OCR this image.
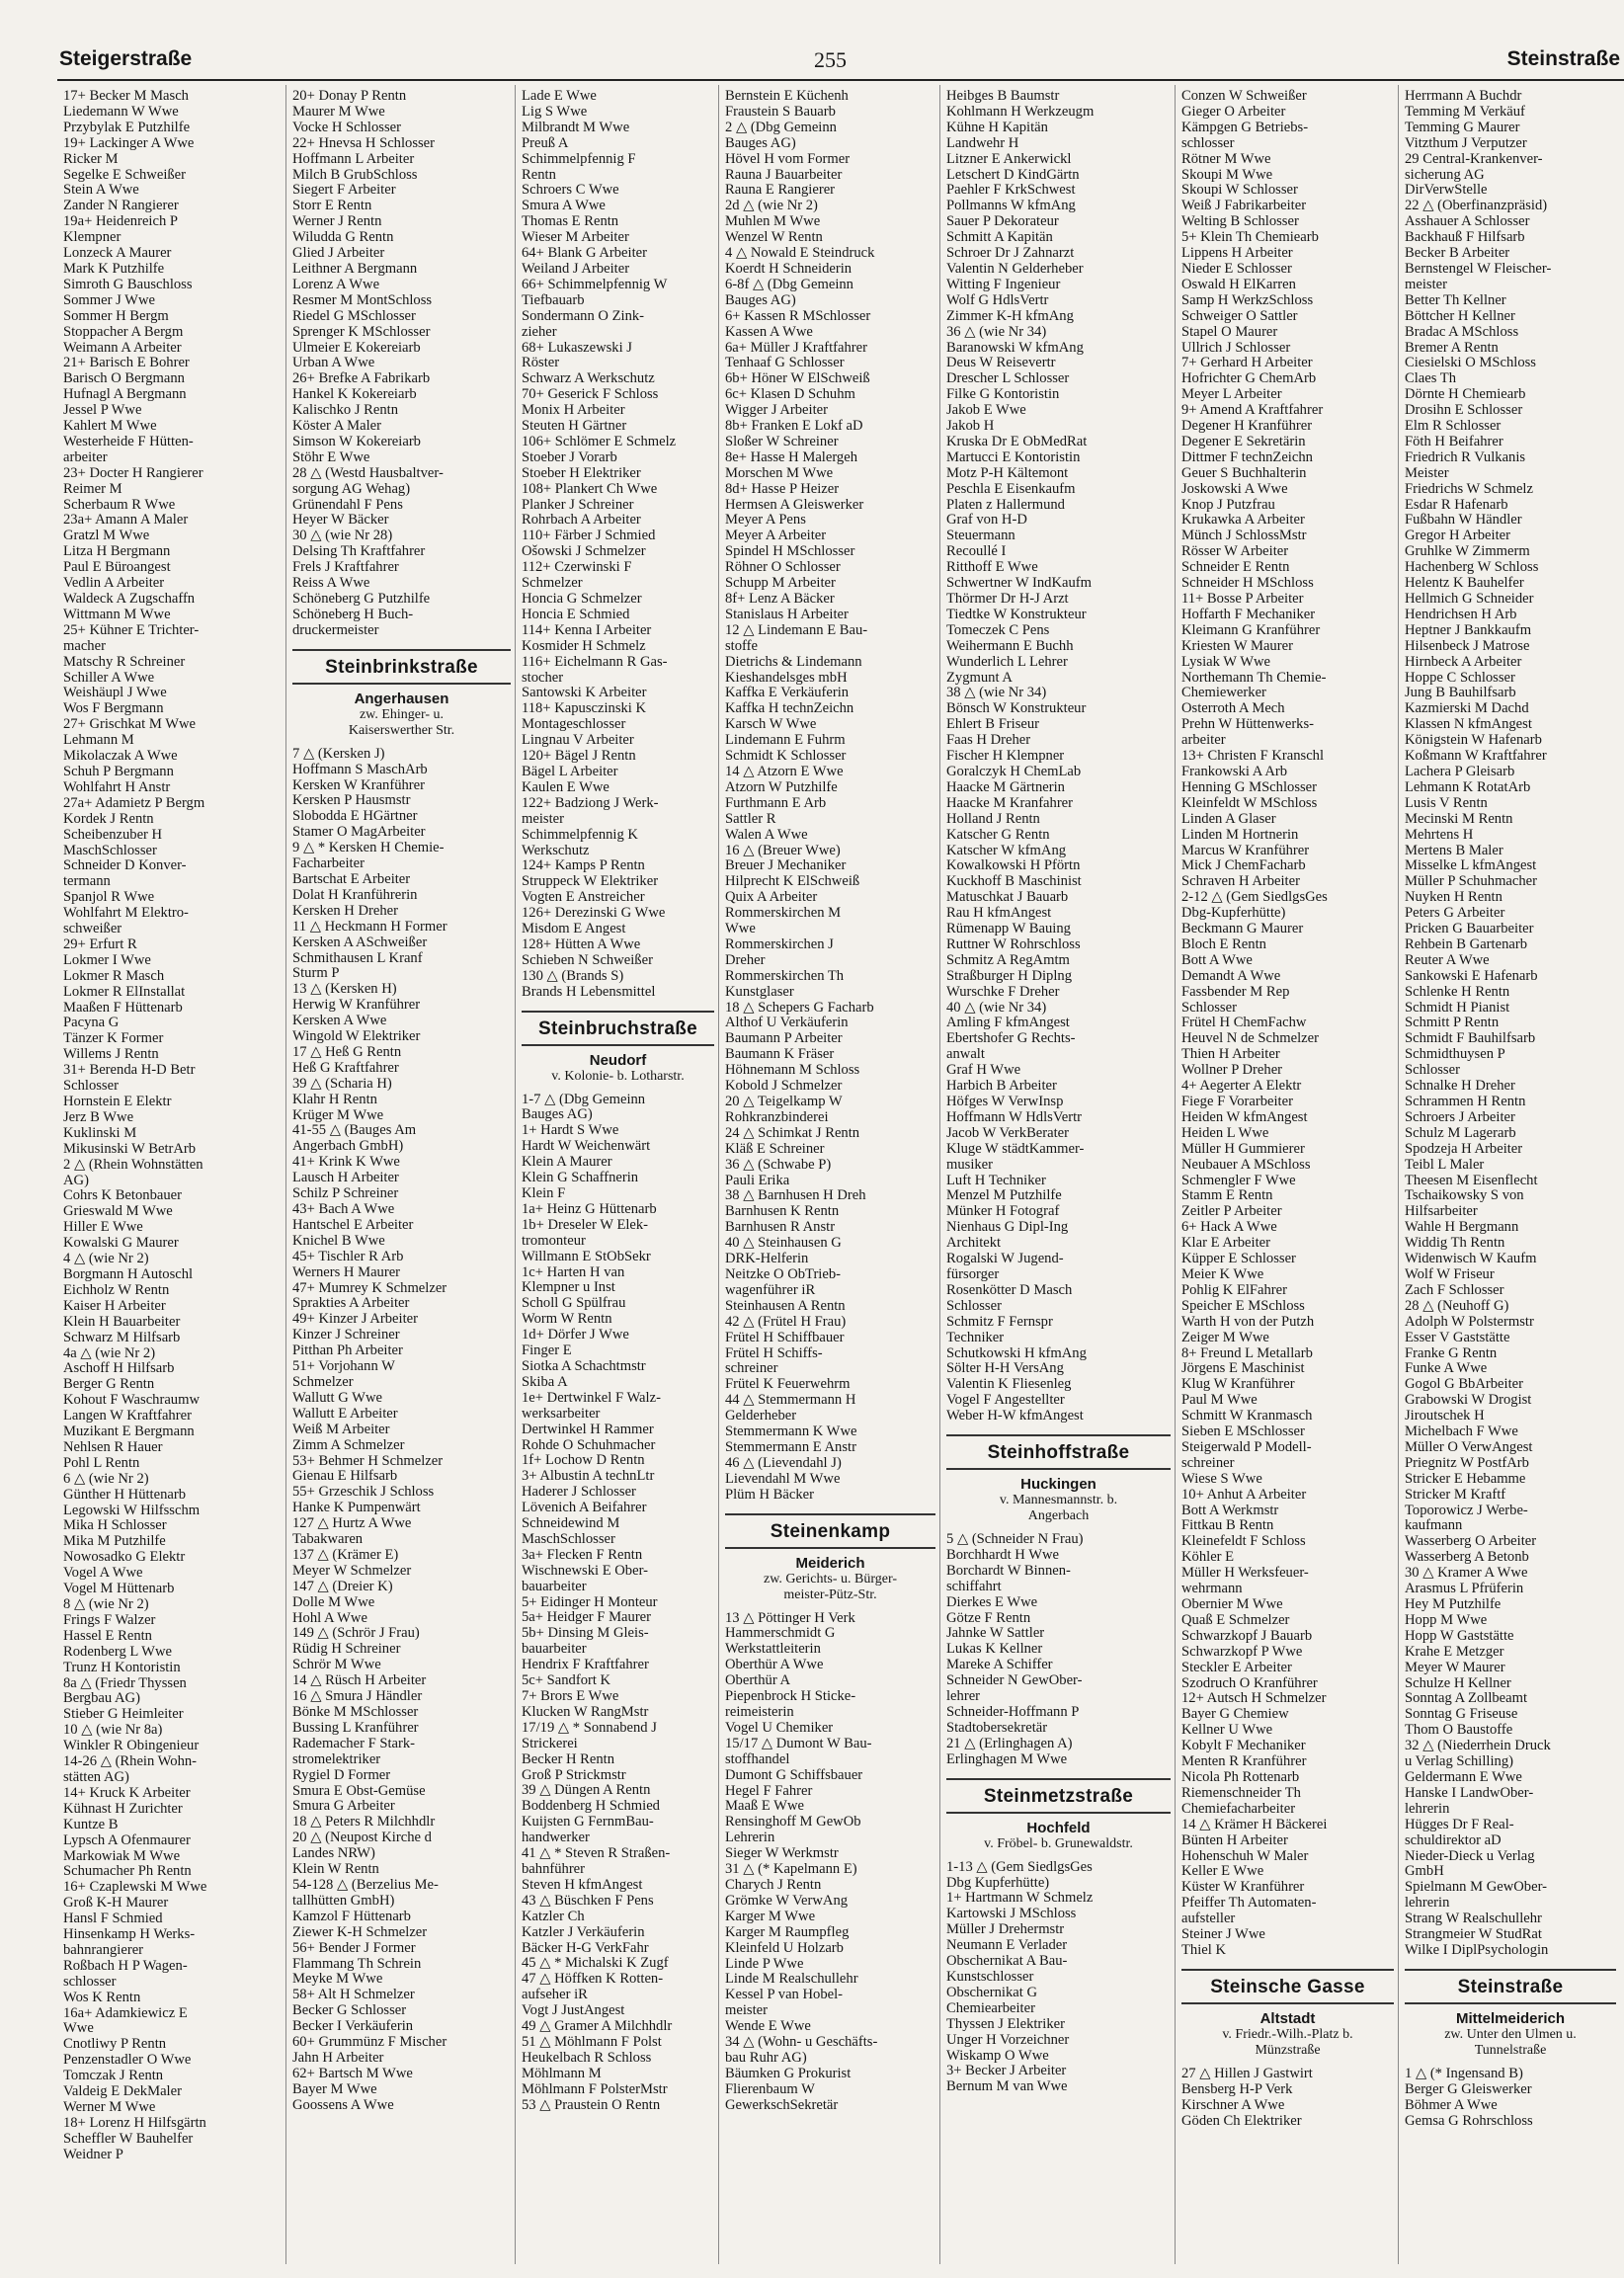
Steigerstraße	255	Steinstraße

17+ Becker M Masch

Liedemann W Wwe

Przybylak E Putzhilfe

19+ Lackinger A Wwe

Ricker M

Segelke E Schweißer

Stein A Wwe

Zander N Rangierer

19a+ Heidenreich P

Klempner

Lonzeck A Maurer

Mark K Putzhilfe

Simroth G Bauschloss

Sommer J Wwe

Sommer H Bergm

Stoppacher A Bergm

Weimann A Arbeiter

21+ Barisch E Bohrer

Barisch O Bergmann

Hufnagl A Bergmann

Jessel P Wwe

Kahlert M Wwe

Westerheide F Hütten-

arbeiter

23+ Docter H Rangierer

Reimer M

Scherbaum R Wwe

23a+ Amann A Maler

Gratzl M Wwe

Litza H Bergmann

Paul E Büroangest

Vedlin A Arbeiter

Waldeck A Zugschaffn

Wittmann M Wwe

25+ Kühner E Trichter-

macher

Matschy R Schreiner

Schiller A Wwe

Weishäupl J Wwe

Wos F Bergmann

27+ Grischkat M Wwe

Lehmann M

Mikolaczak A Wwe

Schuh P Bergmann

Wohlfahrt H Anstr

27a+ Adamietz P Bergm

Kordek J Rentn

Scheibenzuber H

MaschSchlosser

Schneider D Konver-

termann

Spanjol R Wwe

Wohlfahrt M Elektro-

schweißer

29+ Erfurt R

Lokmer I Wwe

Lokmer R Masch

Lokmer R ElInstallat

Maaßen F Hüttenarb

Pacyna G

Tänzer K Former

Willems J Rentn

31+ Berenda H-D Betr

Schlosser

Hornstein E Elektr

Jerz B Wwe

Kuklinski M

Mikusinski W BetrArb

2 △ (Rhein Wohnstätten

AG)

Cohrs K Betonbauer

Grieswald M Wwe

Hiller E Wwe

Kowalski G Maurer

4 △ (wie Nr 2)

Borgmann H Autoschl

Eichholz W Rentn

Kaiser H Arbeiter

Klein H Bauarbeiter

Schwarz M Hilfsarb

4a △ (wie Nr 2)

Aschoff H Hilfsarb

Berger G Rentn

Kohout F Waschraumw

Langen W Kraftfahrer

Muzikant E Bergmann

Nehlsen R Hauer

Pohl L Rentn

6 △ (wie Nr 2)

Günther H Hüttenarb

Legowski W Hilfsschm

Mika H Schlosser

Mika M Putzhilfe

Nowosadko G Elektr

Vogel A Wwe

Vogel M Hüttenarb

8 △ (wie Nr 2)

Frings F Walzer

Hassel E Rentn

Rodenberg L Wwe

Trunz H Kontoristin

8a △ (Friedr Thyssen

Bergbau AG)

Stieber G Heimleiter

10 △ (wie Nr 8a)

Winkler R Obingenieur

14-26 △ (Rhein Wohn-

stätten AG)

14+ Kruck K Arbeiter

Kühnast H Zurichter

Kuntze B

Lypsch A Ofenmaurer

Markowiak M Wwe

Schumacher Ph Rentn

16+ Czaplewski M Wwe

Groß K-H Maurer

Hansl F Schmied

Hinsenkamp H Werks-

bahnrangierer

Roßbach H P Wagen-

schlosser

Wos K Rentn

16a+ Adamkiewicz E

Wwe

Cnotliwy P Rentn

Penzenstadler O Wwe

Tomczak J Rentn

Valdeig E DekMaler

Werner M Wwe

18+ Lorenz H Hilfsgärtn

Scheffler W Bauhelfer

Weidner P

20+ Donay P Rentn

Maurer M Wwe

Vocke H Schlosser

22+ Hnevsa H Schlosser

Hoffmann L Arbeiter

Milch B GrubSchloss

Siegert F Arbeiter

Storr E Rentn

Werner J Rentn

Wiludda G Rentn

Glied J Arbeiter

Leithner A Bergmann

Lorenz A Wwe

Resmer M MontSchloss

Riedel G MSchlosser

Sprenger K MSchlosser

Ulmeier E Kokereiarb

Urban A Wwe

26+ Brefke A Fabrikarb

Hankel K Kokereiarb

Kalischko J Rentn

Köster A Maler

Simson W Kokereiarb

Stöhr E Wwe

28 △ (Westd Hausbaltver-

sorgung AG Wehag)

Grünendahl F Pens

Heyer W Bäcker

30 △ (wie Nr 28)

Delsing Th Kraftfahrer

Frels J Kraftfahrer

Reiss A Wwe

Schöneberg G Putzhilfe

Schöneberg H Buch-

druckermeister

Steinbrinkstraße
Angerhausen
zw. Ehinger- u.
Kaiserswerther Str.

7 △ (Kersken J)

Hoffmann S MaschArb

Kersken W Kranführer

Kersken P Hausmstr

Slobodda E HGärtner

Stamer O MagArbeiter

9 △ * Kersken H Chemie-

Facharbeiter

Bartschat E Arbeiter

Dolat H Kranführerin

Kersken H Dreher

11 △ Heckmann H Former

Kersken A ASchweißer

Schmithausen L Kranf

Sturm P

13 △ (Kersken H)

Herwig W Kranführer

Kersken A Wwe

Wingold W Elektriker

17 △ Heß G Rentn

Heß G Kraftfahrer

39 △ (Scharia H)

Klahr H Rentn

Krüger M Wwe

41-55 △ (Bauges Am

Angerbach GmbH)

41+ Krink K Wwe

Lausch H Arbeiter

Schilz P Schreiner

43+ Bach A Wwe

Hantschel E Arbeiter

Knichel B Wwe

45+ Tischler R Arb

Werners H Maurer

47+ Mumrey K Schmelzer

Sprakties A Arbeiter

49+ Kinzer J Arbeiter

Kinzer J Schreiner

Pitthan Ph Arbeiter

51+ Vorjohann W

Schmelzer

Wallutt G Wwe

Wallutt E Arbeiter

Weiß M Arbeiter

Zimm A Schmelzer

53+ Behmer H Schmelzer

Gienau E Hilfsarb

55+ Grzeschik J Schloss

Hanke K Pumpenwärt

127 △ Hurtz A Wwe

Tabakwaren

137 △ (Krämer E)

Meyer W Schmelzer

147 △ (Dreier K)

Dolle M Wwe

Hohl A Wwe

149 △ (Schrör J Frau)

Rüdig H Schreiner

Schrör M Wwe

14 △ Rüsch H Arbeiter

16 △ Smura J Händler

Bönke M MSchlosser

Bussing L Kranführer

Rademacher F Stark-

stromelektriker

Rygiel D Former

Smura E Obst-Gemüse

Smura G Arbeiter

18 △ Peters R Milchhdlr

20 △ (Neupost Kirche d

Landes NRW)

Klein W Rentn

54-128 △ (Berzelius Me-

tallhütten GmbH)

Kamzol F Hüttenarb

Ziewer K-H Schmelzer

56+ Bender J Former

Flammang Th Schrein

Meyke M Wwe

58+ Alt H Schmelzer

Becker G Schlosser

Becker I Verkäuferin

60+ Grummünz F Mischer

Jahn H Arbeiter

62+ Bartsch M Wwe

Bayer M Wwe

Goossens A Wwe

Lade E Wwe

Lig S Wwe

Milbrandt M Wwe

Preuß A

Schimmelpfennig F

Rentn

Schroers C Wwe

Smura A Wwe

Thomas E Rentn

Wieser M Arbeiter

64+ Blank G Arbeiter

Weiland J Arbeiter

66+ Schimmelpfennig W

Tiefbauarb

Sondermann O Zink-

zieher

68+ Lukaszewski J

Röster

Schwarz A Werkschutz

70+ Geserick F Schloss

Monix H Arbeiter

Steuten H Gärtner

106+ Schlömer E Schmelz

Stoeber J Vorarb

Stoeber H Elektriker

108+ Plankert Ch Wwe

Planker J Schreiner

Rohrbach A Arbeiter

110+ Färber J Schmied

Ošowski J Schmelzer

112+ Czerwinski F

Schmelzer

Honcia G Schmelzer

Honcia E Schmied

114+ Kenna I Arbeiter

Kosmider H Schmelz

116+ Eichelmann R Gas-

stocher

Santowski K Arbeiter

118+ Kapusczinski K

Montageschlosser

Lingnau V Arbeiter

120+ Bägel J Rentn

Bägel L Arbeiter

Kaulen E Wwe

122+ Badziong J Werk-

meister

Schimmelpfennig K

Werkschutz

124+ Kamps P Rentn

Struppeck W Elektriker

Vogten E Anstreicher

126+ Derezinski G Wwe

Misdom E Angest

128+ Hütten A Wwe

Schieben N Schweißer

130 △ (Brands S)

Brands H Lebensmittel

Steinbruchstraße
Neudorf
v. Kolonie- b. Lotharstr.

1-7 △ (Dbg Gemeinn

Bauges AG)

1+ Hardt S Wwe

Hardt W Weichenwärt

Klein A Maurer

Klein G Schaffnerin

Klein F

1a+ Heinz G Hüttenarb

1b+ Dreseler W Elek-

tromonteur

Willmann E StObSekr

1c+ Harten H van

Klempner u Inst

Scholl G Spülfrau

Worm W Rentn

1d+ Dörfer J Wwe

Finger E

Siotka A Schachtmstr

Skiba A

1e+ Dertwinkel F Walz-

werksarbeiter

Dertwinkel H Rammer

Rohde O Schuhmacher

1f+ Lochow D Rentn

3+ Albustin A technLtr

Haderer J Schlosser

Lövenich A Beifahrer

Schneidewind M

MaschSchlosser

3a+ Flecken F Rentn

Wischnewski E Ober-

bauarbeiter

5+ Eidinger H Monteur

5a+ Heidger F Maurer

5b+ Dinsing M Gleis-

bauarbeiter

Hendrix F Kraftfahrer

5c+ Sandfort K

7+ Brors E Wwe

Klucken W RangMstr

17/19 △ * Sonnabend J

Strickerei

Becker H Rentn

Groß P Strickmstr

39 △ Düngen A Rentn

Boddenberg H Schmied

Kuijsten G FernmBau-

handwerker

41 △ * Steven R Straßen-

bahnführer

Steven H kfmAngest

43 △ Büschken F Pens

Katzler Ch

Katzler J Verkäuferin

Bäcker H-G VerkFahr

45 △ * Michalski K Zugf

47 △ Höffken K Rotten-

aufseher iR

Vogt J JustAngest

49 △ Gramer A Milchhdlr

51 △ Möhlmann F Polst

Heukelbach R Schloss

Möhlmann M

Möhlmann F PolsterMstr

53 △ Praustein O Rentn

Bernstein E Küchenh

Fraustein S Bauarb

2 △ (Dbg Gemeinn

Bauges AG)

Hövel H vom Former

Rauna J Bauarbeiter

Rauna E Rangierer

2d △ (wie Nr 2)

Muhlen M Wwe

Wenzel W Rentn

4 △ Nowald E Steindruck

Koerdt H Schneiderin

6-8f △ (Dbg Gemeinn

Bauges AG)

6+ Kassen R MSchlosser

Kassen A Wwe

6a+ Müller J Kraftfahrer

Tenhaaf G Schlosser

6b+ Höner W ElSchweiß

6c+ Klasen D Schuhm

Wigger J Arbeiter

8b+ Franken E Lokf aD

Sloßer W Schreiner

8e+ Hasse H Malergeh

Morschen M Wwe

8d+ Hasse P Heizer

Hermsen A Gleiswerker

Meyer A Pens

Meyer A Arbeiter

Spindel H MSchlosser

Röhner O Schlosser

Schupp M Arbeiter

8f+ Lenz A Bäcker

Stanislaus H Arbeiter

12 △ Lindemann E Bau-

stoffe

Dietrichs & Lindemann

Kieshandelsges mbH

Kaffka E Verkäuferin

Kaffka H technZeichn

Karsch W Wwe

Lindemann E Fuhrm

Schmidt K Schlosser

14 △ Atzorn E Wwe

Atzorn W Putzhilfe

Furthmann E Arb

Sattler R

Walen A Wwe

16 △ (Breuer Wwe)

Breuer J Mechaniker

Hilprecht K ElSchweiß

Quix A Arbeiter

Rommerskirchen M

Wwe

Rommerskirchen J

Dreher

Rommerskirchen Th

Kunstglaser

18 △ Schepers G Facharb

Althof U Verkäuferin

Baumann P Arbeiter

Baumann K Fräser

Höhnemann M Schloss

Kobold J Schmelzer

20 △ Teigelkamp W

Rohkranzbinderei

24 △ Schimkat J Rentn

Kläß E Schreiner

36 △ (Schwabe P)

Pauli Erika

38 △ Barnhusen H Dreh

Barnhusen K Rentn

Barnhusen R Anstr

40 △ Steinhausen G

DRK-Helferin

Neitzke O ObTrieb-

wagenführer iR

Steinhausen A Rentn

42 △ (Frütel H Frau)

Frütel H Schiffbauer

Frütel H Schiffs-

schreiner

Frütel K Feuerwehrm

44 △ Stemmermann H

Gelderheber

Stemmermann K Wwe

Stemmermann E Anstr

46 △ (Lievendahl J)

Lievendahl M Wwe

Plüm H Bäcker

Steinenkamp
Meiderich
zw. Gerichts- u. Bürger-
meister-Pütz-Str.

13 △ Pöttinger H Verk

Hammerschmidt G

Werkstattleiterin

Oberthür A Wwe

Oberthür A

Piepenbrock H Sticke-

reimeisterin

Vogel U Chemiker

15/17 △ Dumont W Bau-

stoffhandel

Dumont G Schiffsbauer

Hegel F Fahrer

Maaß E Wwe

Rensinghoff M GewOb

Lehrerin

Sieger W Werkmstr

31 △ (* Kapelmann E)

Charych J Rentn

Grömke W VerwAng

Karger M Wwe

Karger M Raumpfleg

Kleinfeld U Holzarb

Linde P Wwe

Linde M Realschullehr

Kessel P van Hobel-

meister

Wende E Wwe

34 △ (Wohn- u Geschäfts-

bau Ruhr AG)

Bäumken G Prokurist

Flierenbaum W

GewerkschSekretär

Heibges B Baumstr

Kohlmann H Werkzeugm

Kühne H Kapitän

Landwehr H

Litzner E Ankerwickl

Letschert D KindGärtn

Paehler F KrkSchwest

Pollmanns W kfmAng

Sauer P Dekorateur

Schmitt A Kapitän

Schroer Dr J Zahnarzt

Valentin N Gelderheber

Witting F Ingenieur

Wolf G HdlsVertr

Zimmer K-H kfmAng

36 △ (wie Nr 34)

Baranowski W kfmAng

Deus W Reisevertr

Drescher L Schlosser

Filke G Kontoristin

Jakob E Wwe

Jakob H

Kruska Dr E ObMedRat

Martucci E Kontoristin

Motz P-H Kältemont

Peschla E Eisenkaufm

Platen z Hallermund

Graf von H-D

Steuermann

Recoullé I

Ritthoff E Wwe

Schwertner W IndKaufm

Thörmer Dr H-J Arzt

Tiedtke W Konstrukteur

Tomeczek C Pens

Weihermann E Buchh

Wunderlich L Lehrer

Zygmunt A

38 △ (wie Nr 34)

Bönsch W Konstrukteur

Ehlert B Friseur

Faas H Dreher

Fischer H Klempner

Goralczyk H ChemLab

Haacke M Gärtnerin

Haacke M Kranfahrer

Holland J Rentn

Katscher G Rentn

Katscher W kfmAng

Kowalkowski H Pförtn

Kuckhoff B Maschinist

Matuschkat J Bauarb

Rau H kfmAngest

Rümenapp W Bauing

Ruttner W Rohrschloss

Schmitz A RegAmtm

Straßburger H Diplng

Wurschke F Dreher

40 △ (wie Nr 34)

Amling F kfmAngest

Ebertshofer G Rechts-

anwalt

Graf H Wwe

Harbich B Arbeiter

Höfges W VerwInsp

Hoffmann W HdlsVertr

Jacob W VerkBerater

Kluge W städtKammer-

musiker

Luft H Techniker

Menzel M Putzhilfe

Münker H Fotograf

Nienhaus G Dipl-Ing

Architekt

Rogalski W Jugend-

fürsorger

Rosenkötter D Masch

Schlosser

Schmitz F Fernspr

Techniker

Schutkowski H kfmAng

Sölter H-H VersAng

Valentin K Fliesenleg

Vogel F Angestellter

Weber H-W kfmAngest

Steinhoffstraße
Huckingen
v. Mannesmannstr. b.
Angerbach

5 △ (Schneider N Frau)

Borchhardt H Wwe

Borchardt W Binnen-

schiffahrt

Dierkes E Wwe

Götze F Rentn

Jahnke W Sattler

Lukas K Kellner

Mareke A Schiffer

Schneider N GewOber-

lehrer

Schneider-Hoffmann P

Stadtobersekretär

21 △ (Erlinghagen A)

Erlinghagen M Wwe

Steinmetzstraße
Hochfeld
v. Fröbel- b. Grunewaldstr.

1-13 △ (Gem SiedlgsGes

Dbg Kupferhütte)

1+ Hartmann W Schmelz

Kartowski J MSchloss

Müller J Drehermstr

Neumann E Verlader

Obschernikat A Bau-

Kunstschlosser

Obschernikat G

Chemiearbeiter

Thyssen J Elektriker

Unger H Vorzeichner

Wiskamp O Wwe

3+ Becker J Arbeiter

Bernum M van Wwe

Conzen W Schweißer

Gieger O Arbeiter

Kämpgen G Betriebs-

schlosser

Rötner M Wwe

Skoupi M Wwe

Skoupi W Schlosser

Weiß J Fabrikarbeiter

Welting B Schlosser

5+ Klein Th Chemiearb

Lippens H Arbeiter

Nieder E Schlosser

Oswald H ElKarren

Samp H WerkzSchloss

Schweiger O Sattler

Stapel O Maurer

Ullrich J Schlosser

7+ Gerhard H Arbeiter

Hofrichter G ChemArb

Meyer L Arbeiter

9+ Amend A Kraftfahrer

Degener H Kranführer

Degener E Sekretärin

Dittmer F technZeichn

Geuer S Buchhalterin

Joskowski A Wwe

Knop J Putzfrau

Krukawka A Arbeiter

Münch J SchlossMstr

Rösser W Arbeiter

Schneider E Rentn

Schneider H MSchloss

11+ Bosse P Arbeiter

Hoffarth F Mechaniker

Kleimann G Kranführer

Kriesten W Maurer

Lysiak W Wwe

Northemann Th Chemie-

Chemiewerker

Osterroth A Mech

Prehn W Hüttenwerks-

arbeiter

13+ Christen F Kranschl

Frankowski A Arb

Henning G MSchlosser

Kleinfeldt W MSchloss

Linden A Glaser

Linden M Hortnerin

Marcus W Kranführer

Mick J ChemFacharb

Schraven H Arbeiter

2-12 △ (Gem SiedlgsGes

Dbg-Kupferhütte)

Beckmann G Maurer

Bloch E Rentn

Bott A Wwe

Demandt A Wwe

Fassbender M Rep

Schlosser

Frütel H ChemFachw

Heuvel N de Schmelzer

Thien H Arbeiter

Wollner P Dreher

4+ Aegerter A Elektr

Fiege F Vorarbeiter

Heiden W kfmAngest

Heiden L Wwe

Müller H Gummierer

Neubauer A MSchloss

Schmengler F Wwe

Stamm E Rentn

Zeitler P Arbeiter

6+ Hack A Wwe

Klar E Arbeiter

Küpper E Schlosser

Meier K Wwe

Pohlig K ElFahrer

Speicher E MSchloss

Warth H von der Putzh

Zeiger M Wwe

8+ Freund L Metallarb

Jörgens E Maschinist

Klug W Kranführer

Paul M Wwe

Schmitt W Kranmasch

Sieben E MSchlosser

Steigerwald P Modell-

schreiner

Wiese S Wwe

10+ Anhut A Arbeiter

Bott A Werkmstr

Fittkau B Rentn

Kleinefeldt F Schloss

Köhler E

Müller H Werksfeuer-

wehrmann

Obernier M Wwe

Quaß E Schmelzer

Schwarzkopf J Bauarb

Schwarzkopf P Wwe

Steckler E Arbeiter

Szodruch O Kranführer

12+ Autsch H Schmelzer

Bayer G Chemiew

Kellner U Wwe

Kobylt F Mechaniker

Menten R Kranführer

Nicola Ph Rottenarb

Riemenschneider Th

Chemiefacharbeiter

14 △ Krämer H Bäckerei

Bünten H Arbeiter

Hohenschuh W Maler

Keller E Wwe

Küster W Kranführer

Pfeiffer Th Automaten-

aufsteller

Steiner J Wwe

Thiel K

Steinsche Gasse
Altstadt
v. Friedr.-Wilh.-Platz b.
Münzstraße

27 △ Hillen J Gastwirt

Bensberg H-P Verk

Kirschner A Wwe

Göden Ch Elektriker

Herrmann A Buchdr

Temming M Verkäuf

Temming G Maurer

Vitzthum J Verputzer

29 Central-Krankenver-

sicherung AG

DirVerwStelle

22 △ (Oberfinanzpräsid)

Asshauer A Schlosser

Backhauß F Hilfsarb

Becker B Arbeiter

Bernstengel W Fleischer-

meister

Better Th Kellner

Böttcher H Kellner

Bradac A MSchloss

Bremer A Rentn

Ciesielski O MSchloss

Claes Th

Dörnte H Chemiearb

Drosihn E Schlosser

Elm R Schlosser

Föth H Beifahrer

Friedrich R Vulkanis

Meister

Friedrichs W Schmelz

Esdar R Hafenarb

Fußbahn W Händler

Gregor H Arbeiter

Gruhlke W Zimmerm

Hachenberg W Schloss

Helentz K Bauhelfer

Hellmich G Schneider

Hendrichsen H Arb

Heptner J Bankkaufm

Hilsenbeck J Matrose

Hirnbeck A Arbeiter

Hoppe C Schlosser

Jung B Bauhilfsarb

Kazmierski M Dachd

Klassen N kfmAngest

Königstein W Hafenarb

Koßmann W Kraftfahrer

Lachera P Gleisarb

Lehmann K RotatArb

Lusis V Rentn

Mecinski M Rentn

Mehrtens H

Mertens B Maler

Misselke L kfmAngest

Müller P Schuhmacher

Nuyken H Rentn

Peters G Arbeiter

Pricken G Bauarbeiter

Rehbein B Gartenarb

Reuter A Wwe

Sankowski E Hafenarb

Schlenke H Rentn

Schmidt H Pianist

Schmitt P Rentn

Schmidt F Bauhilfsarb

Schmidthuysen P

Schlosser

Schnalke H Dreher

Schrammen H Rentn

Schroers J Arbeiter

Schulz M Lagerarb

Spodzeja H Arbeiter

Teibl L Maler

Theesen M Eisenflecht

Tschaikowsky S von

Hilfsarbeiter

Wahle H Bergmann

Widdig Th Rentn

Widenwisch W Kaufm

Wolf W Friseur

Zach F Schlosser

28 △ (Neuhoff G)

Adolph W Polstermstr

Esser V Gaststätte

Franke G Rentn

Funke A Wwe

Gogol G BbArbeiter

Grabowski W Drogist

Jiroutschek H

Michelbach F Wwe

Müller O VerwAngest

Priegnitz W PostfArb

Stricker E Hebamme

Stricker M Kraftf

Toporowicz J Werbe-

kaufmann

Wasserberg O Arbeiter

Wasserberg A Betonb

30 △ Kramer A Wwe

Arasmus L Pfrüferin

Hey M Putzhilfe

Hopp M Wwe

Hopp W Gaststätte

Krahe E Metzger

Meyer W Maurer

Schulze H Kellner

Sonntag A Zollbeamt

Sonntag G Friseuse

Thom O Baustoffe

32 △ (Niederrhein Druck

u Verlag Schilling)

Geldermann E Wwe

Hanske I LandwOber-

lehrerin

Hügges Dr F Real-

schuldirektor aD

Nieder-Dieck u Verlag

GmbH

Spielmann M GewOber-

lehrerin

Strang W Realschullehr

Strangmeier W StudRat

Wilke I DiplPsychologin

Steinstraße
Mittelmeiderich
zw. Unter den Ulmen u.
Tunnelstraße

1 △ (* Ingensand B)

Berger G Gleiswerker

Böhmer A Wwe

Gemsa G Rohrschloss
